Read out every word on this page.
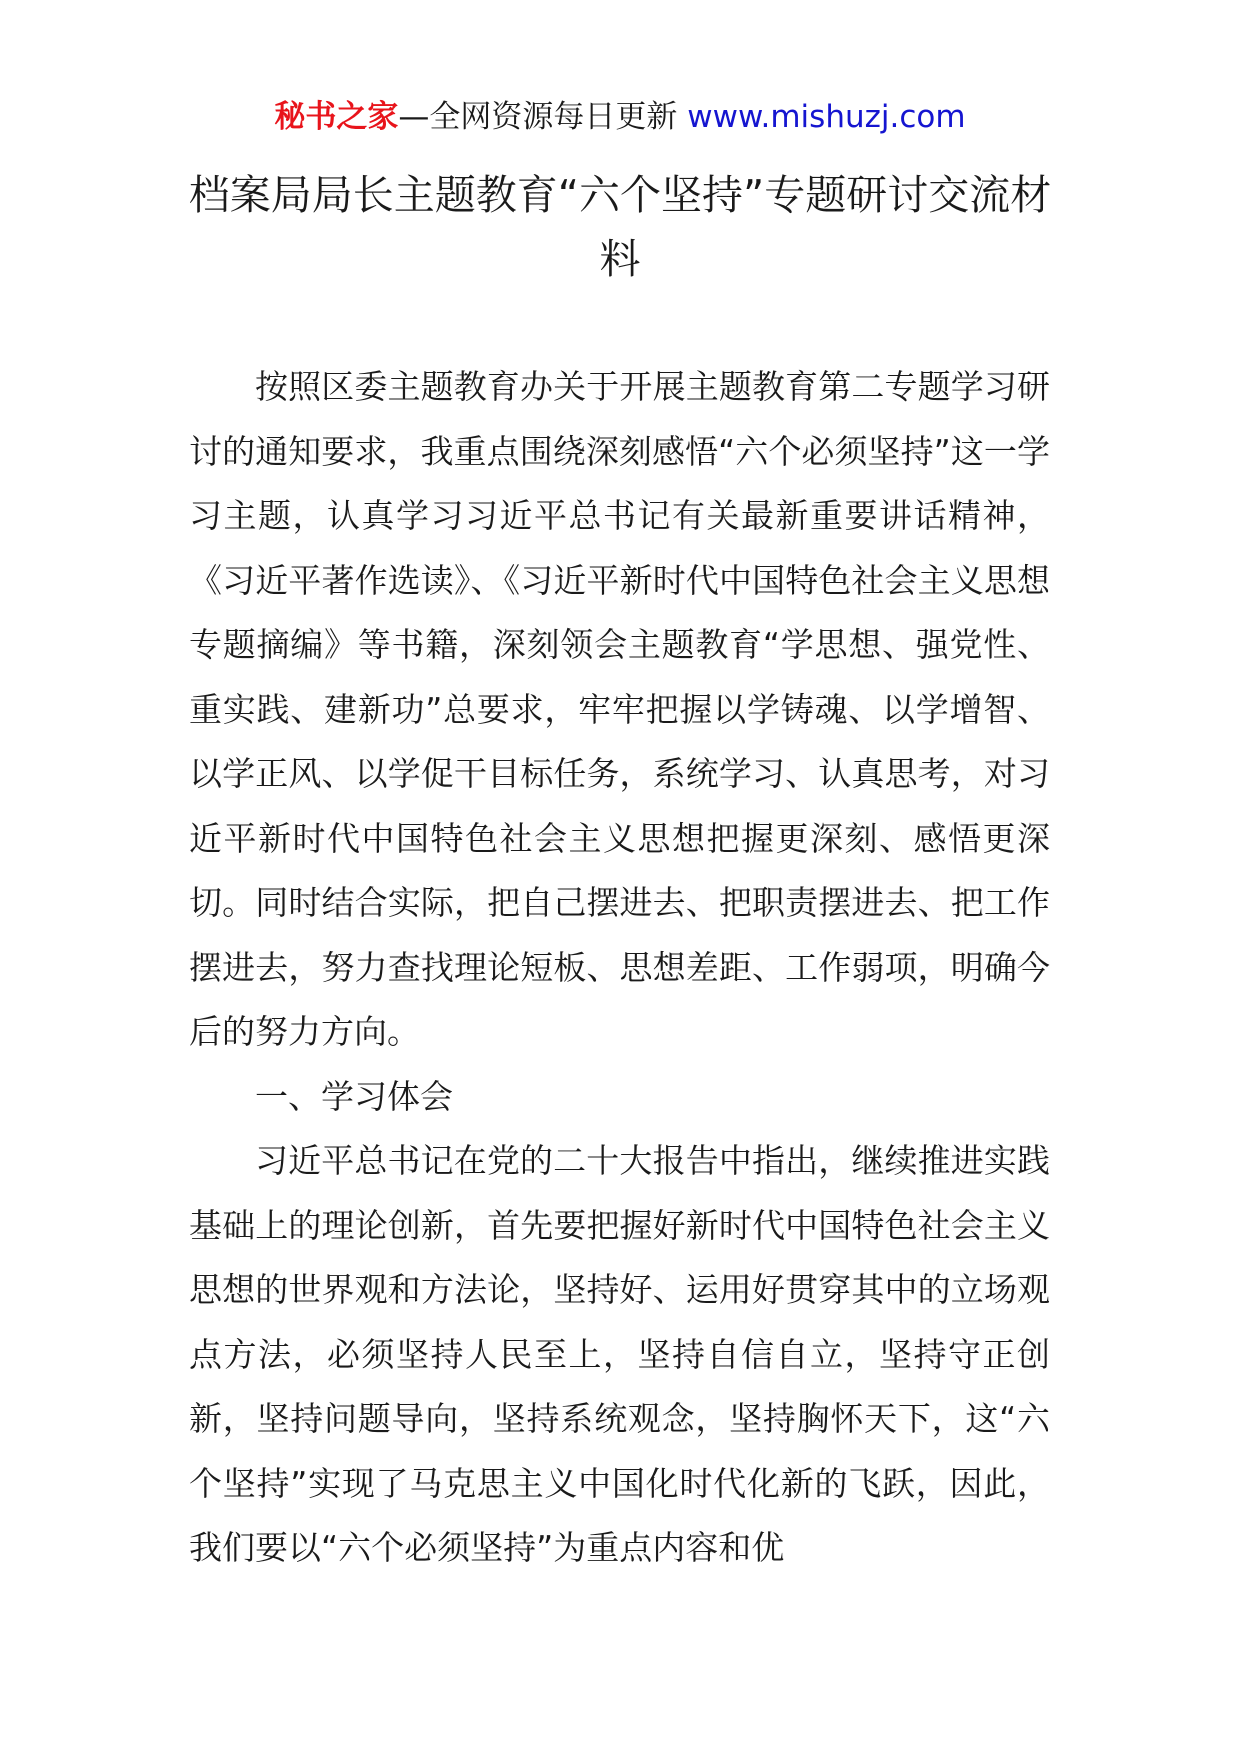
秘书之家—全网资源每日更新 www.mishuzj.com
档案局局长主题教育“六个坚持”专题研讨交流材料

按照区委主题教育办关于开展主题教育第二专题学习研讨的通知要求，我重点围绕深刻感悟“六个必须坚持”这一学习主题，认真学习习近平总书记有关最新重要讲话精神，《习近平著作选读》、《习近平新时代中国特色社会主义思想专题摘编》等书籍，深刻领会主题教育“学思想、强党性、重实践、建新功”总要求，牢牢把握以学铸魂、以学增智、以学正风、以学促干目标任务，系统学习、认真思考，对习近平新时代中国特色社会主义思想把握更深刻、感悟更深切。同时结合实际，把自己摆进去、把职责摆进去、把工作摆进去，努力查找理论短板、思想差距、工作弱项，明确今后的努力方向。

一、学习体会

习近平总书记在党的二十大报告中指出，继续推进实践基础上的理论创新，首先要把握好新时代中国特色社会主义思想的世界观和方法论，坚持好、运用好贯穿其中的立场观点方法，必须坚持人民至上，坚持自信自立，坚持守正创新，坚持问题导向，坚持系统观念，坚持胸怀天下，这“六个坚持”实现了马克思主义中国化时代化新的飞跃，因此，我们要以“六个必须坚持”为重点内容和优
